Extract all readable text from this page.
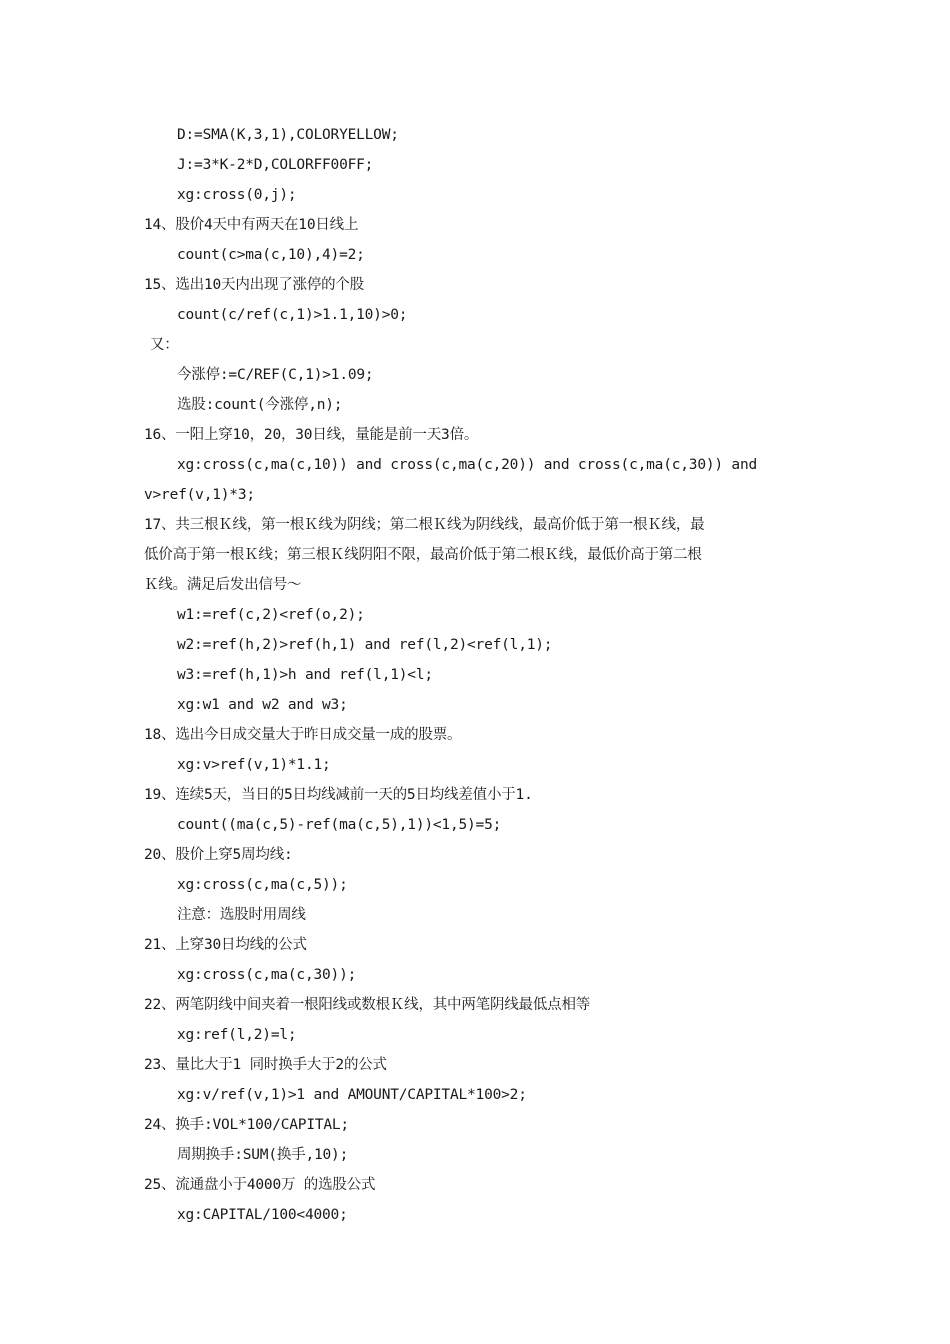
D:=SMA(K,3,1),COLORYELLOW;
J:=3*K-2*D,COLORFF00FF;
xg:cross(0,j);
14、股价4天中有两天在10日线上
count(c>ma(c,10),4)=2;
15、选出10天内出现了涨停的个股
count(c/ref(c,1)>1.1,10)>0;
又：
今涨停:=C/REF(C,1)>1.09;
选股:count(今涨停,n);
16、一阳上穿10，20，30日线，量能是前一天3倍。
xg:cross(c,ma(c,10)) and cross(c,ma(c,20)) and cross(c,ma(c,30)) and
v>ref(v,1)*3;
17、共三根Ｋ线，第一根Ｋ线为阴线；第二根Ｋ线为阴线线，最高价低于第一根Ｋ线，最
低价高于第一根Ｋ线；第三根Ｋ线阴阳不限，最高价低于第二根Ｋ线，最低价高于第二根
Ｋ线。满足后发出信号～
w1:=ref(c,2)<ref(o,2);
w2:=ref(h,2)>ref(h,1) and ref(l,2)<ref(l,1);
w3:=ref(h,1)>h and ref(l,1)<l;
xg:w1 and w2 and w3;
18、选出今日成交量大于昨日成交量一成的股票。
xg:v>ref(v,1)*1.1;
19、连续5天，当日的5日均线减前一天的5日均线差值小于1.
count((ma(c,5)-ref(ma(c,5),1))<1,5)=5;
20、股价上穿5周均线:
xg:cross(c,ma(c,5));
注意：选股时用周线
21、上穿30日均线的公式
xg:cross(c,ma(c,30));
22、两笔阴线中间夹着一根阳线或数根Ｋ线，其中两笔阴线最低点相等
xg:ref(l,2)=l;
23、量比大于1 同时换手大于2的公式
xg:v/ref(v,1)>1 and AMOUNT/CAPITAL*100>2;
24、换手:VOL*100/CAPITAL;
周期换手:SUM(换手,10);
25、流通盘小于4000万 的选股公式
xg:CAPITAL/100<4000;
